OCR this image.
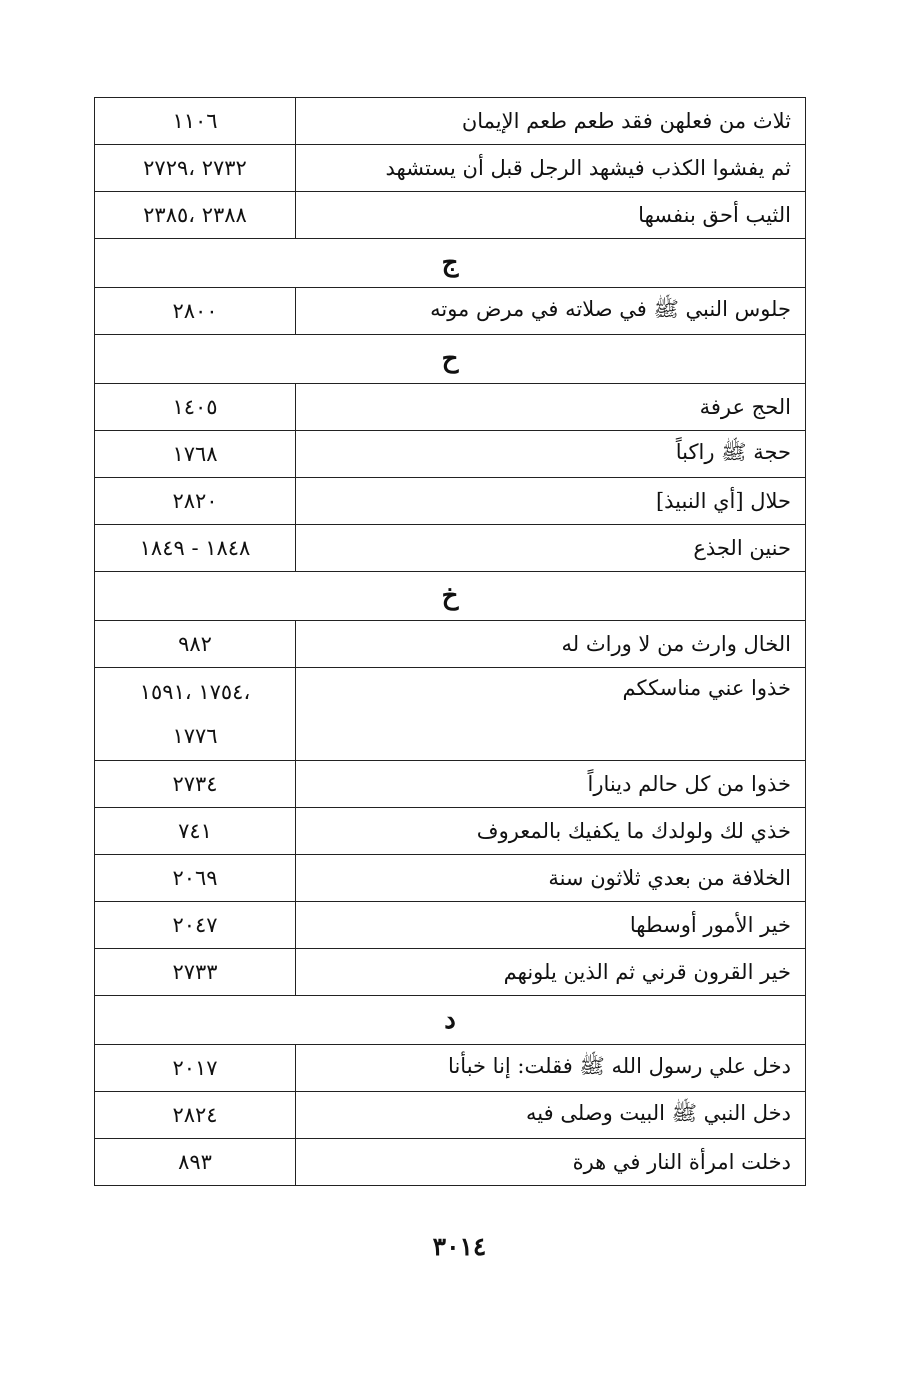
١١٠٦	ثلاث من فعلهن فقد طعم طعم الإيمان

٢٧٣٢ ،٢٧٢٩	ثم يفشوا الكذب فيشهد الرجل قبل أن يستشهد

٢٣٨٨ ،٢٣٨٥	الثيب أحق بنفسها
ج	

٢٨٠٠	جلوس النبي ﷺ في صلاته في مرض موته
ح	

١٤٠٥	الحج عرفة

١٧٦٨	حجة ﷺ راكباً

٢٨٢٠	حلال [أي النبيذ]

١٨٤٨ - ١٨٤٩	حنين الجذع
خ	

٩٨٢	الخال وارث من لا وراث له

،١٧٥٤ ،١٥٩١
١٧٧٦	خذوا عني مناسككم

٢٧٣٤	خذوا من كل حالم ديناراً

٧٤١	خذي لك ولولدك ما يكفيك بالمعروف

٢٠٦٩	الخلافة من بعدي ثلاثون سنة

٢٠٤٧	خير الأمور أوسطها

٢٧٣٣	خير القرون قرني ثم الذين يلونهم
د	

٢٠١٧	دخل علي رسول الله ﷺ فقلت: إنا خبأنا

٢٨٢٤	دخل النبي ﷺ البيت وصلى فيه

٨٩٣	دخلت امرأة النار في هرة
٣٠١٤
